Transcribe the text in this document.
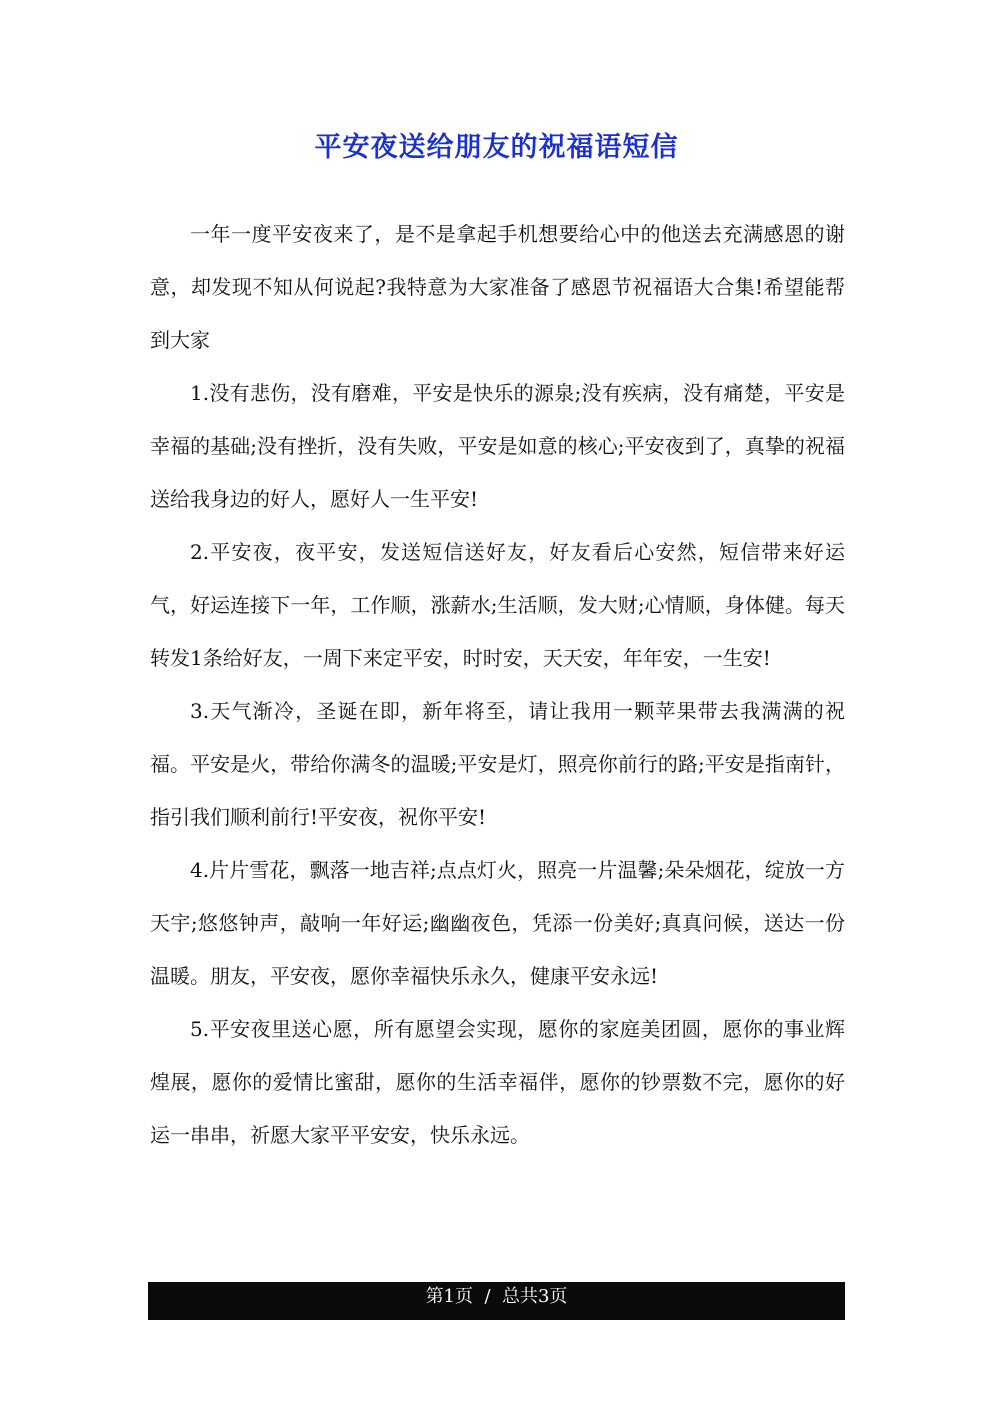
平安夜送给朋友的祝福语短信

一年一度平安夜来了，是不是拿起手机想要给心中的他送去充满感恩的谢意，却发现不知从何说起?我特意为大家准备了感恩节祝福语大合集!希望能帮到大家

1.没有悲伤，没有磨难，平安是快乐的源泉;没有疾病，没有痛楚，平安是幸福的基础;没有挫折，没有失败，平安是如意的核心;平安夜到了，真挚的祝福送给我身边的好人，愿好人一生平安!

2.平安夜，夜平安，发送短信送好友，好友看后心安然，短信带来好运气，好运连接下一年，工作顺，涨薪水;生活顺，发大财;心情顺，身体健。每天转发1条给好友，一周下来定平安，时时安，天天安，年年安，一生安!

3.天气渐冷，圣诞在即，新年将至，请让我用一颗苹果带去我满满的祝福。平安是火，带给你满冬的温暖;平安是灯，照亮你前行的路;平安是指南针，指引我们顺利前行!平安夜，祝你平安!

4.片片雪花，飘落一地吉祥;点点灯火，照亮一片温馨;朵朵烟花，绽放一方天宇;悠悠钟声，敲响一年好运;幽幽夜色，凭添一份美好;真真问候，送达一份温暖。朋友，平安夜，愿你幸福快乐永久，健康平安永远!

5.平安夜里送心愿，所有愿望会实现，愿你的家庭美团圆，愿你的事业辉煌展，愿你的爱情比蜜甜，愿你的生活幸福伴，愿你的钞票数不完，愿你的好运一串串，祈愿大家平平安安，快乐永远。

第1页  /  总共3页
